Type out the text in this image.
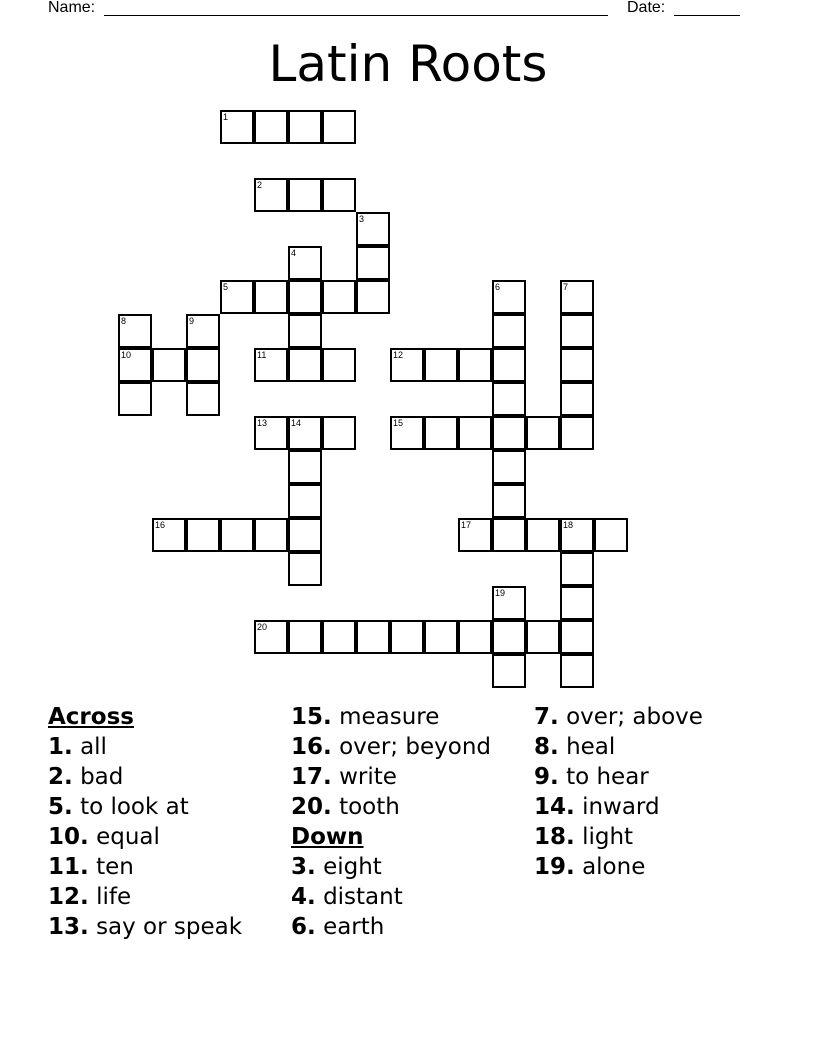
Name:	Date:
Latin Roots
1
2
3
4
5	6	7
8
10
9
11	12
13	14	15
16	17	18
19
20
Across
1. all
2. bad
5. to look at
10. equal
11. ten
12. life
13. say or speak
15. measure
16. over; beyond
17. write
20. tooth
Down
3. eight
4. distant
6. earth
7. over; above
8. heal
9. to hear
14. inward
18. light
19. alone
